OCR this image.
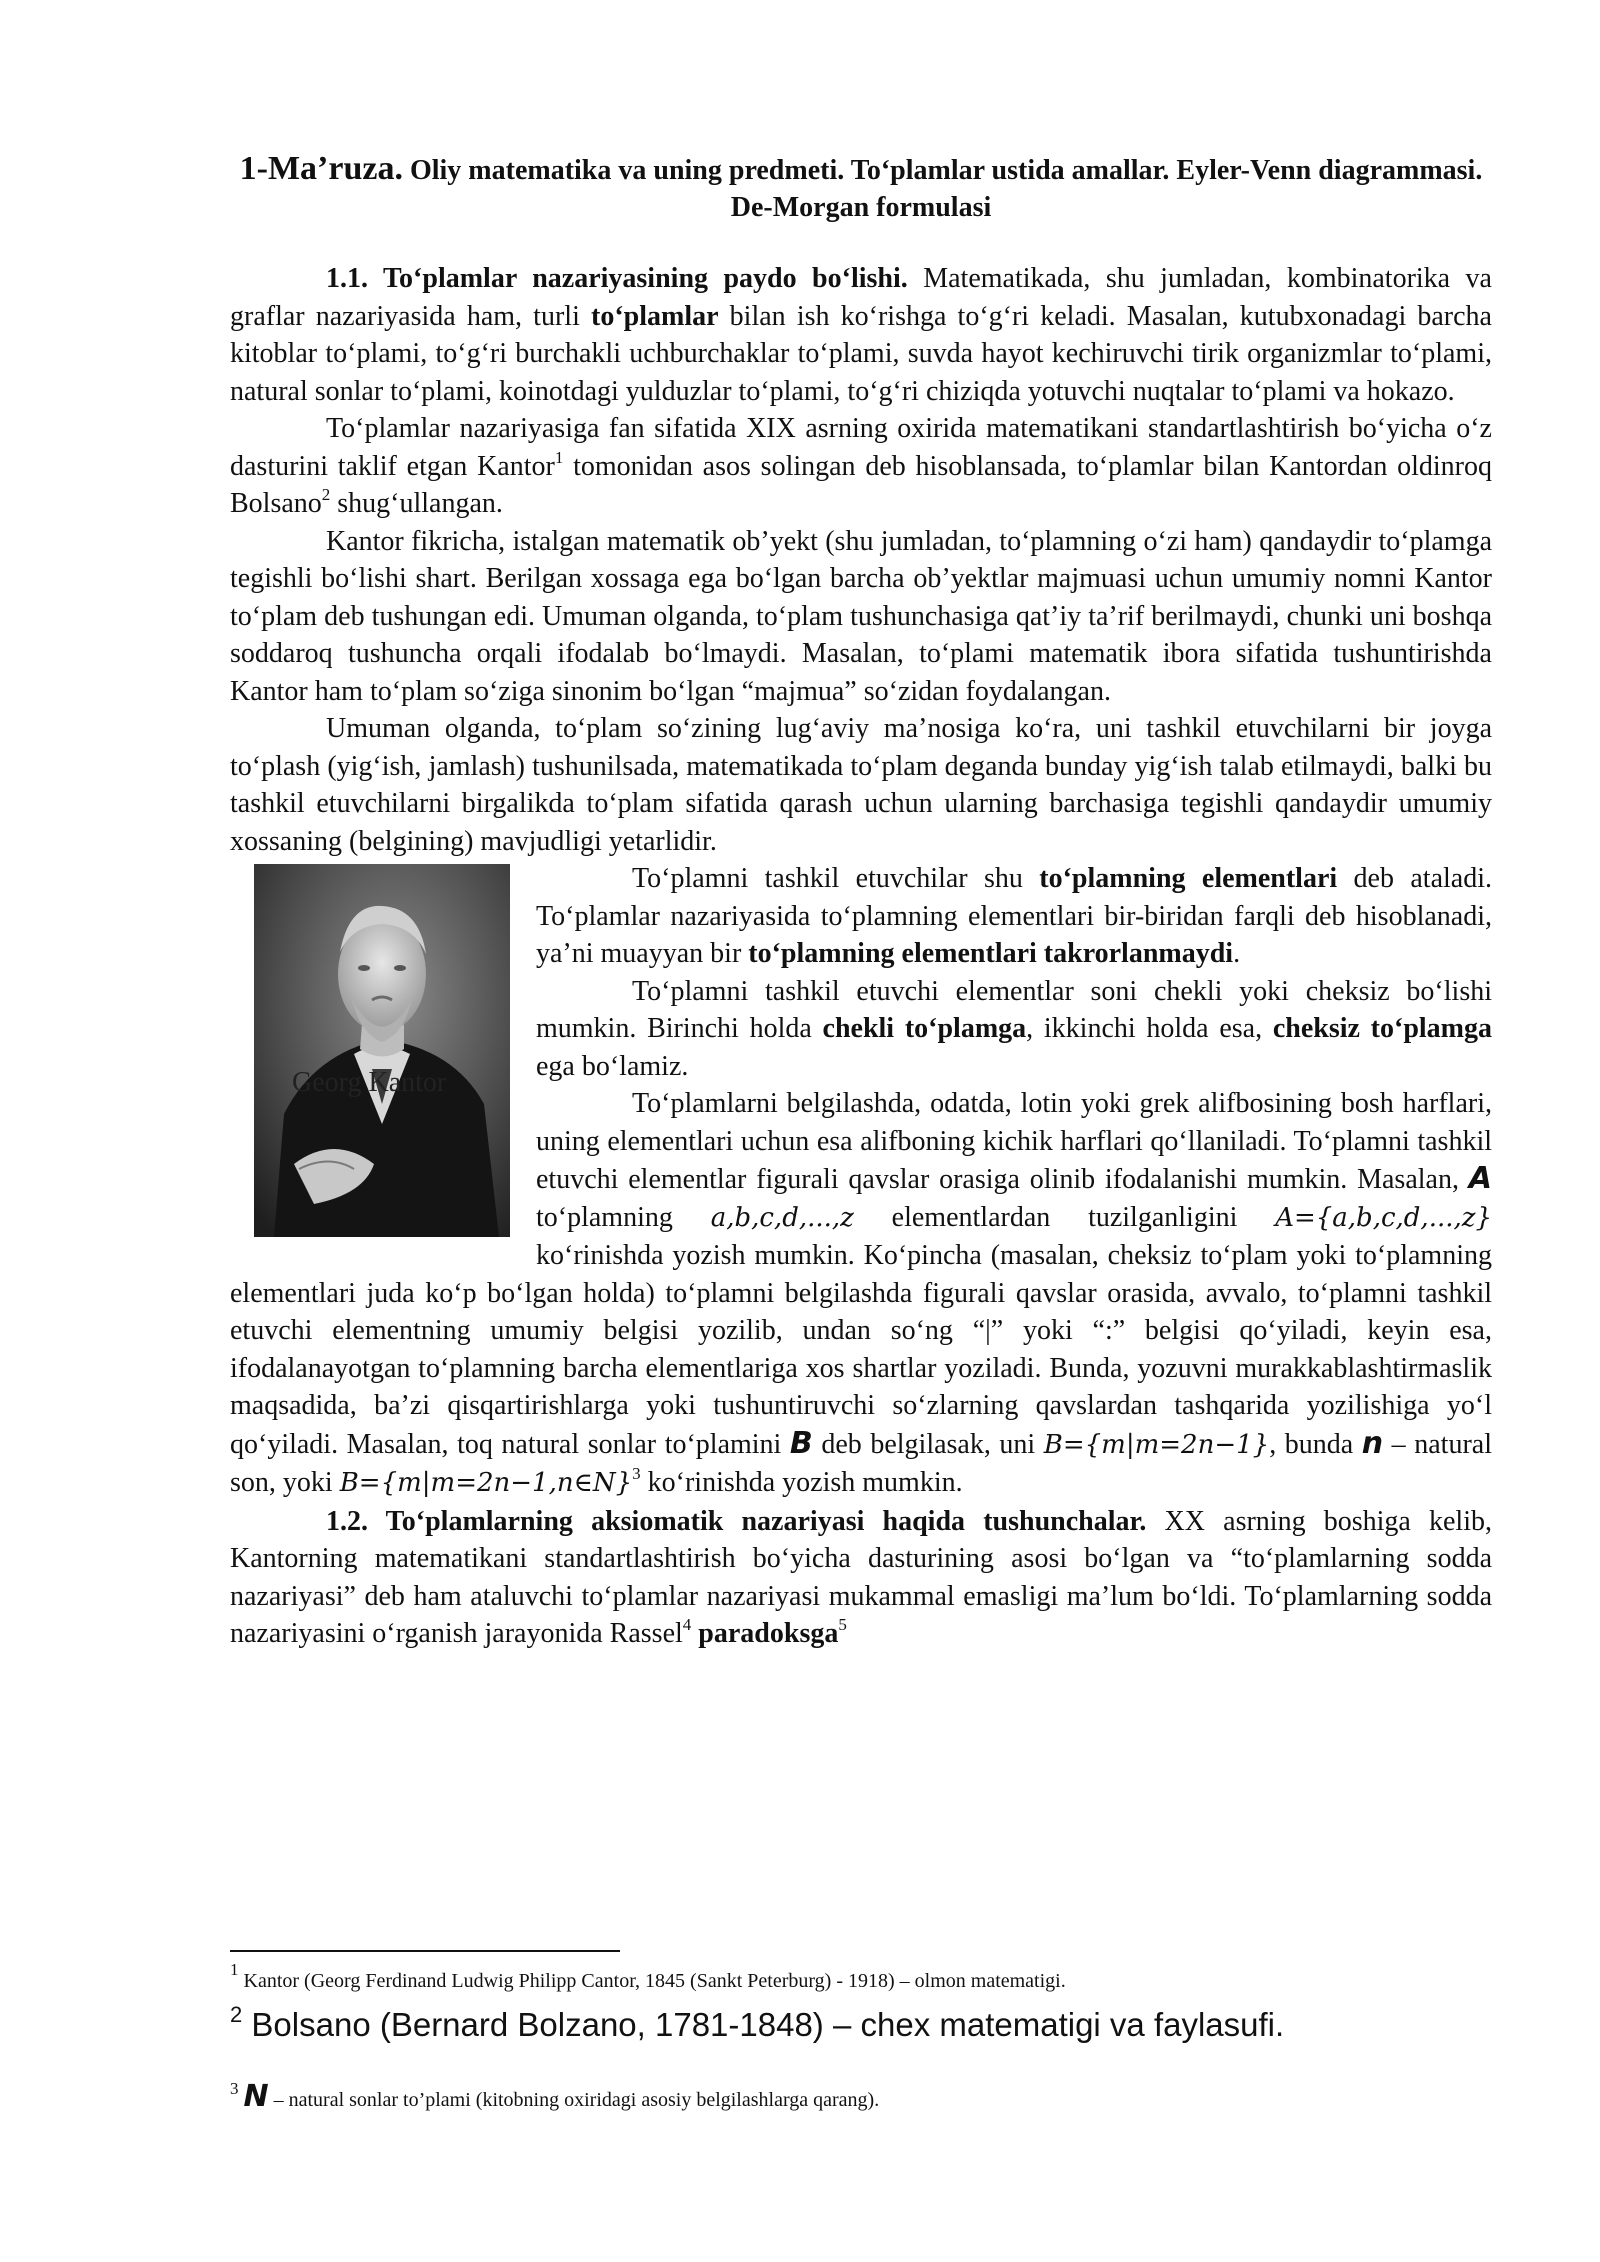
1-Ma’ruza. Oliy matematika va uning predmeti. To‘plamlar ustida amallar. Eyler-Venn diagrammasi. De-Morgan formulasi

1.1. To‘plamlar nazariyasining paydo bo‘lishi. Matematikada, shu jumladan, kombinatorika va graflar nazariyasida ham, turli to‘plamlar bilan ish ko‘rishga to‘g‘ri keladi. Masalan, kutubxonadagi barcha kitoblar to‘plami, to‘g‘ri burchakli uchburchaklar to‘plami, suvda hayot kechiruvchi tirik organizmlar to‘plami, natural sonlar to‘plami, koinotdagi yulduzlar to‘plami, to‘g‘ri chiziqda yotuvchi nuqtalar to‘plami va hokazo.

To‘plamlar nazariyasiga fan sifatida XIX asrning oxirida matematikani standartlashtirish bo‘yicha o‘z dasturini taklif etgan Kantor$^1$ tomonidan asos solingan deb hisoblansada, to‘plamlar bilan Kantordan oldinroq Bolsano$^2$ shug‘ullangan.

Kantor fikricha, istalgan matematik ob’yekt (shu jumladan, to‘plamning o‘zi ham) qandaydir to‘plamga tegishli bo‘lishi shart. Berilgan xossaga ega bo‘lgan barcha ob’yektlar majmuasi uchun umumiy nomni Kantor to‘plam deb tushungan edi. Umuman olganda, to‘plam tushunchasiga qat’iy ta’rif berilmaydi, chunki uni boshqa soddaroq tushuncha orqali ifodalab bo‘lmaydi. Masalan, to‘plami matematik ibora sifatida tushuntirishda Kantor ham to‘plam so‘ziga sinonim bo‘lgan “majmua” so‘zidan foydalangan.

Umuman olganda, to‘plam so‘zining lug‘aviy ma’nosiga ko‘ra, uni tashkil etuvchilarni bir joyga to‘plash (yig‘ish, jamlash) tushunilsada, matematikada to‘plam deganda bunday yig‘ish talab etilmaydi, balki bu tashkil etuvchilarni birgalikda to‘plam sifatida qarash uchun ularning barchasiga tegishli qandaydir umumiy xossaning (belgining) mavjudligi yetarlidir.

Georg Kantor

To‘plamni tashkil etuvchilar shu to‘plamning elementlari deb ataladi. To‘plamlar nazariyasida to‘plamning elementlari bir-biridan farqli deb hisoblanadi, ya’ni muayyan bir to‘plamning elementlari takrorlanmaydi.

To‘plamni tashkil etuvchi elementlar soni chekli yoki cheksiz bo‘lishi mumkin. Birinchi holda chekli to‘plamga, ikkinchi holda esa, cheksiz to‘plamga ega bo‘lamiz.

To‘plamlarni belgilashda, odatda, lotin yoki grek alifbosining bosh harflari, uning elementlari uchun esa alifboning kichik harflari qo‘llaniladi. To‘plamni tashkil etuvchi elementlar figurali qavslar orasiga olinib ifodalanishi mumkin. Masalan, A to‘plamning a,b,c,d,...,z elementlardan tuzilganligini A={a,b,c,d,...,z} ko‘rinishda yozish mumkin. Ko‘pincha (masalan, cheksiz to‘plam yoki to‘plamning elementlari juda ko‘p bo‘lgan holda) to‘plamni belgilashda figurali qavslar orasida, avvalo, to‘plamni tashkil etuvchi elementning umumiy belgisi yozilib, undan so‘ng “|” yoki “:” belgisi qo‘yiladi, keyin esa, ifodalanayotgan to‘plamning barcha elementlariga xos shartlar yoziladi. Bunda, yozuvni murakkablashtirmaslik maqsadida, ba’zi qisqartirishlarga yoki tushuntiruvchi so‘zlarning qavslardan tashqarida yozilishiga yo‘l qo‘yiladi. Masalan, toq natural sonlar to‘plamini B deb belgilasak, uni B={m|m=2n−1}, bunda n – natural son, yoki B={m|m=2n−1,n∈N}$^3$ ko‘rinishda yozish mumkin.

1.2. To‘plamlarning aksiomatik nazariyasi haqida tushunchalar. XX asrning boshiga kelib, Kantorning matematikani standartlashtirish bo‘yicha dasturining asosi bo‘lgan va “to‘plamlarning sodda nazariyasi” deb ham ataluvchi to‘plamlar nazariyasi mukammal emasligi ma’lum bo‘ldi. To‘plamlarning sodda nazariyasini o‘rganish jarayonida Rassel$^4$ paradoksga$^5$

$^1$ Kantor (Georg Ferdinand Ludwig Philipp Cantor, 1845 (Sankt Peterburg) - 1918) – olmon matematigi.
$^2$ Bolsano (Bernard Bolzano, 1781-1848) – chex matematigi va faylasufi.
$^3$ N – natural sonlar to’plami (kitobning oxiridagi asosiy belgilashlarga qarang).
